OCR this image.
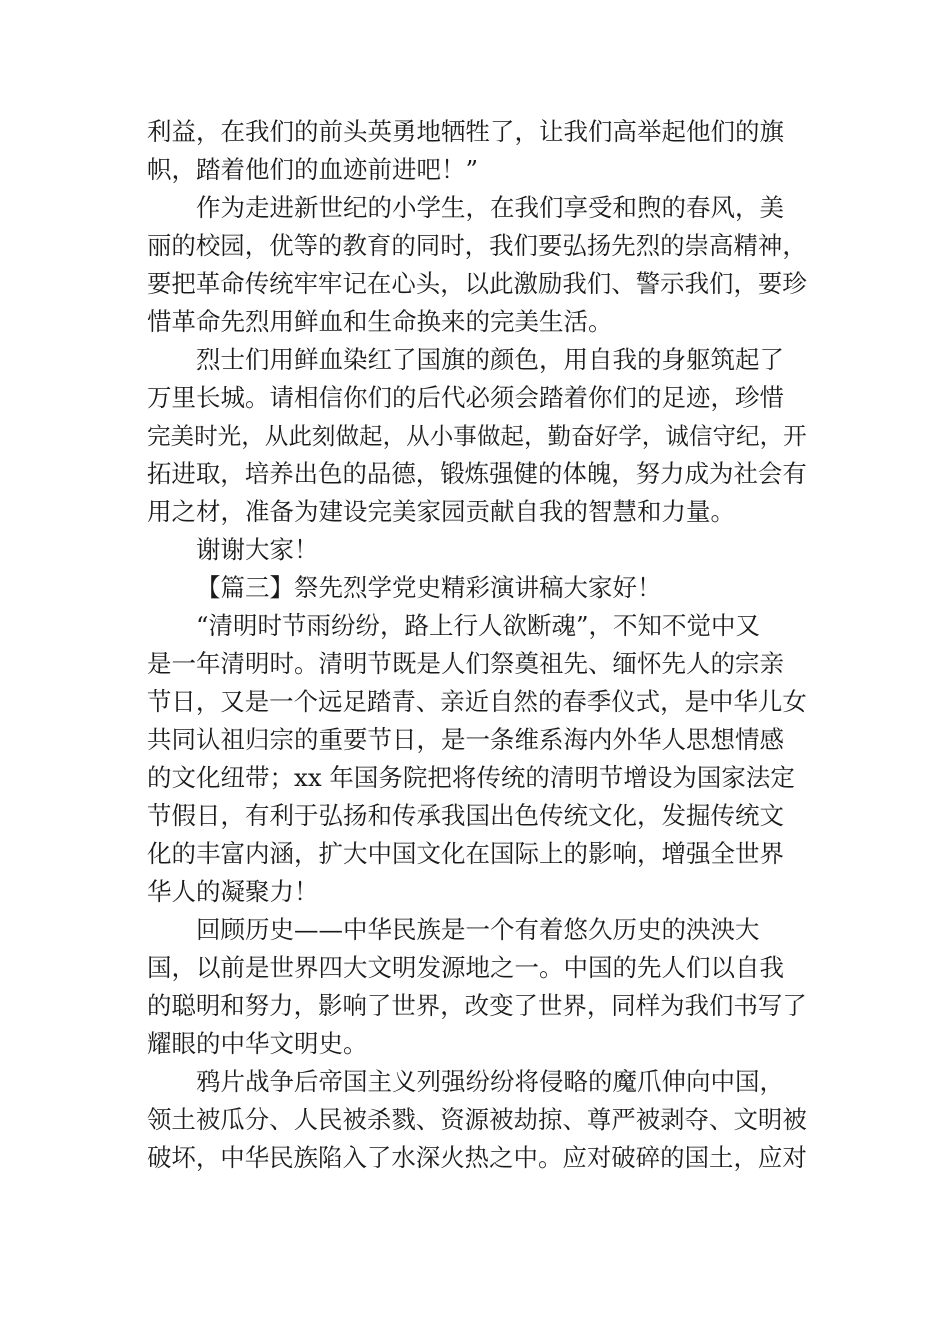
利益，在我们的前头英勇地牺牲了，让我们高举起他们的旗
帜，踏着他们的血迹前进吧！”
作为走进新世纪的小学生，在我们享受和煦的春风，美
丽的校园，优等的教育的同时，我们要弘扬先烈的崇高精神，
要把革命传统牢牢记在心头，以此激励我们、警示我们，要珍
惜革命先烈用鲜血和生命换来的完美生活。
烈士们用鲜血染红了国旗的颜色，用自我的身躯筑起了
万里长城。请相信你们的后代必须会踏着你们的足迹，珍惜
完美时光，从此刻做起，从小事做起，勤奋好学，诚信守纪，开
拓进取，培养出色的品德，锻炼强健的体魄，努力成为社会有
用之材，准备为建设完美家园贡献自我的智慧和力量。
谢谢大家！
【篇三】祭先烈学党史精彩演讲稿大家好！
“清明时节雨纷纷，路上行人欲断魂”，不知不觉中又
是一年清明时。清明节既是人们祭奠祖先、缅怀先人的宗亲
节日，又是一个远足踏青、亲近自然的春季仪式，是中华儿女
共同认祖归宗的重要节日，是一条维系海内外华人思想情感
的文化纽带；xx 年国务院把将传统的清明节增设为国家法定
节假日，有利于弘扬和传承我国出色传统文化，发掘传统文
化的丰富内涵，扩大中国文化在国际上的影响，增强全世界
华人的凝聚力！
回顾历史——中华民族是一个有着悠久历史的泱泱大
国，以前是世界四大文明发源地之一。中国的先人们以自我
的聪明和努力，影响了世界，改变了世界，同样为我们书写了
耀眼的中华文明史。
鸦片战争后帝国主义列强纷纷将侵略的魔爪伸向中国，
领土被瓜分、人民被杀戮、资源被劫掠、尊严被剥夺、文明被
破坏，中华民族陷入了水深火热之中。应对破碎的国土，应对
